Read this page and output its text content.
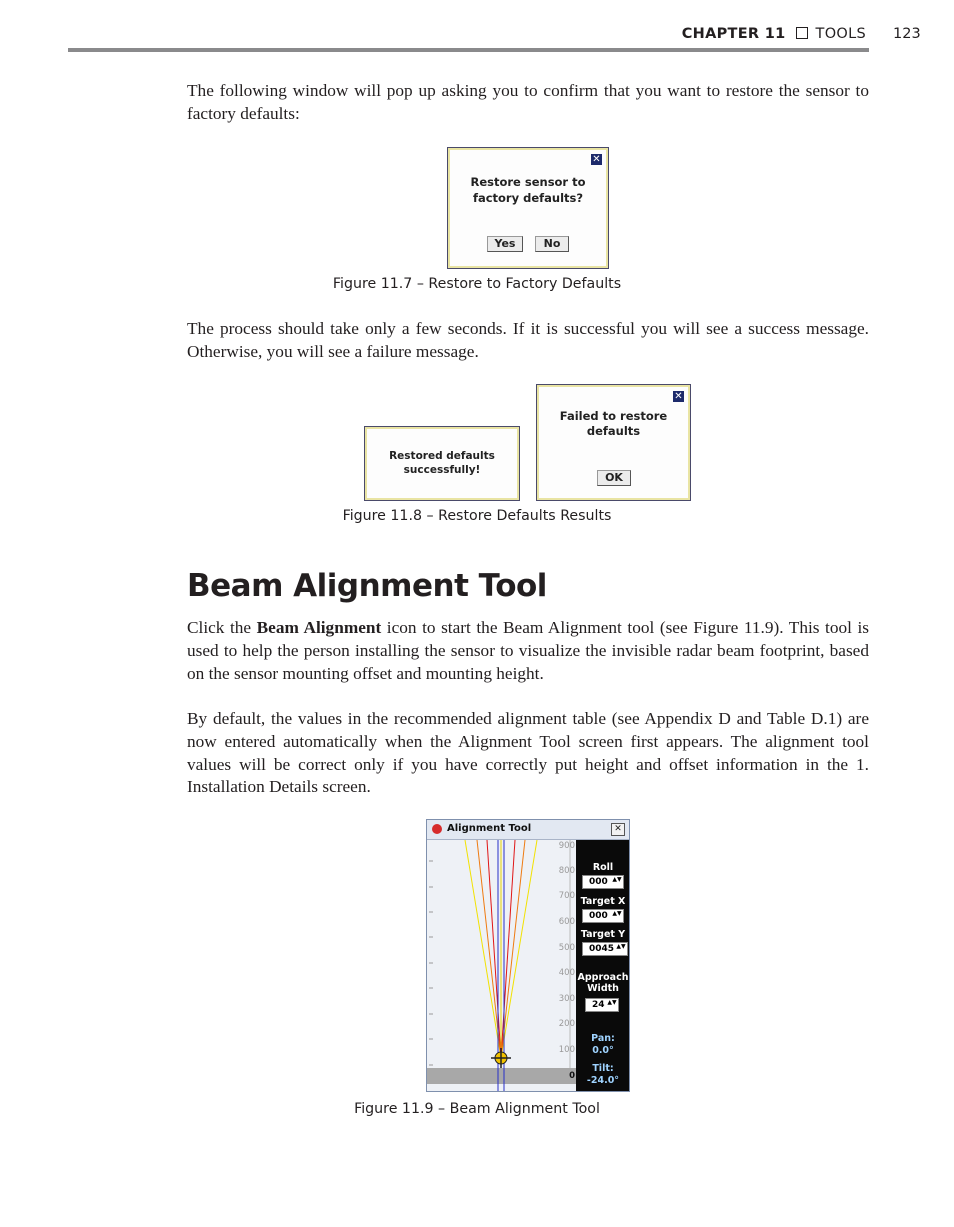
CHAPTER 11 TOOLS 123
The following window will pop up asking you to confirm that you want to restore the sensor to factory defaults:
✕
Restore sensor to
factory defaults?
Yes	No
Figure 11.7 – Restore to Factory Defaults
The process should take only a few seconds. If it is successful you will see a success message. Otherwise, you will see a failure message.
Restored defaults
successfully!
✕
Failed to restore
defaults
OK
Figure 11.8 – Restore Defaults Results
Beam Alignment Tool
Click the Beam Alignment icon to start the Beam Alignment tool (see Figure 11.9). This tool is used to help the person installing the sensor to visualize the invisible radar beam footprint, based on the sensor mounting offset and mounting height.
By default, the values in the recommended alignment table (see Appendix D and Table D.1) are now entered automatically when the Alignment Tool screen first appears. The alignment tool values will be correct only if you have correctly put height and offset information in the 1. Installation Details screen.
Alignment Tool	✕
900
800
700
600
500
400
300
200
100
0
Roll
000 ▲▼
Target X
000 ▲▼
Target Y
0045 ▲▼
Approach
Width
24 ▲▼
Pan:
0.0°
Tilt:
-24.0°
Figure 11.9 – Beam Alignment Tool
